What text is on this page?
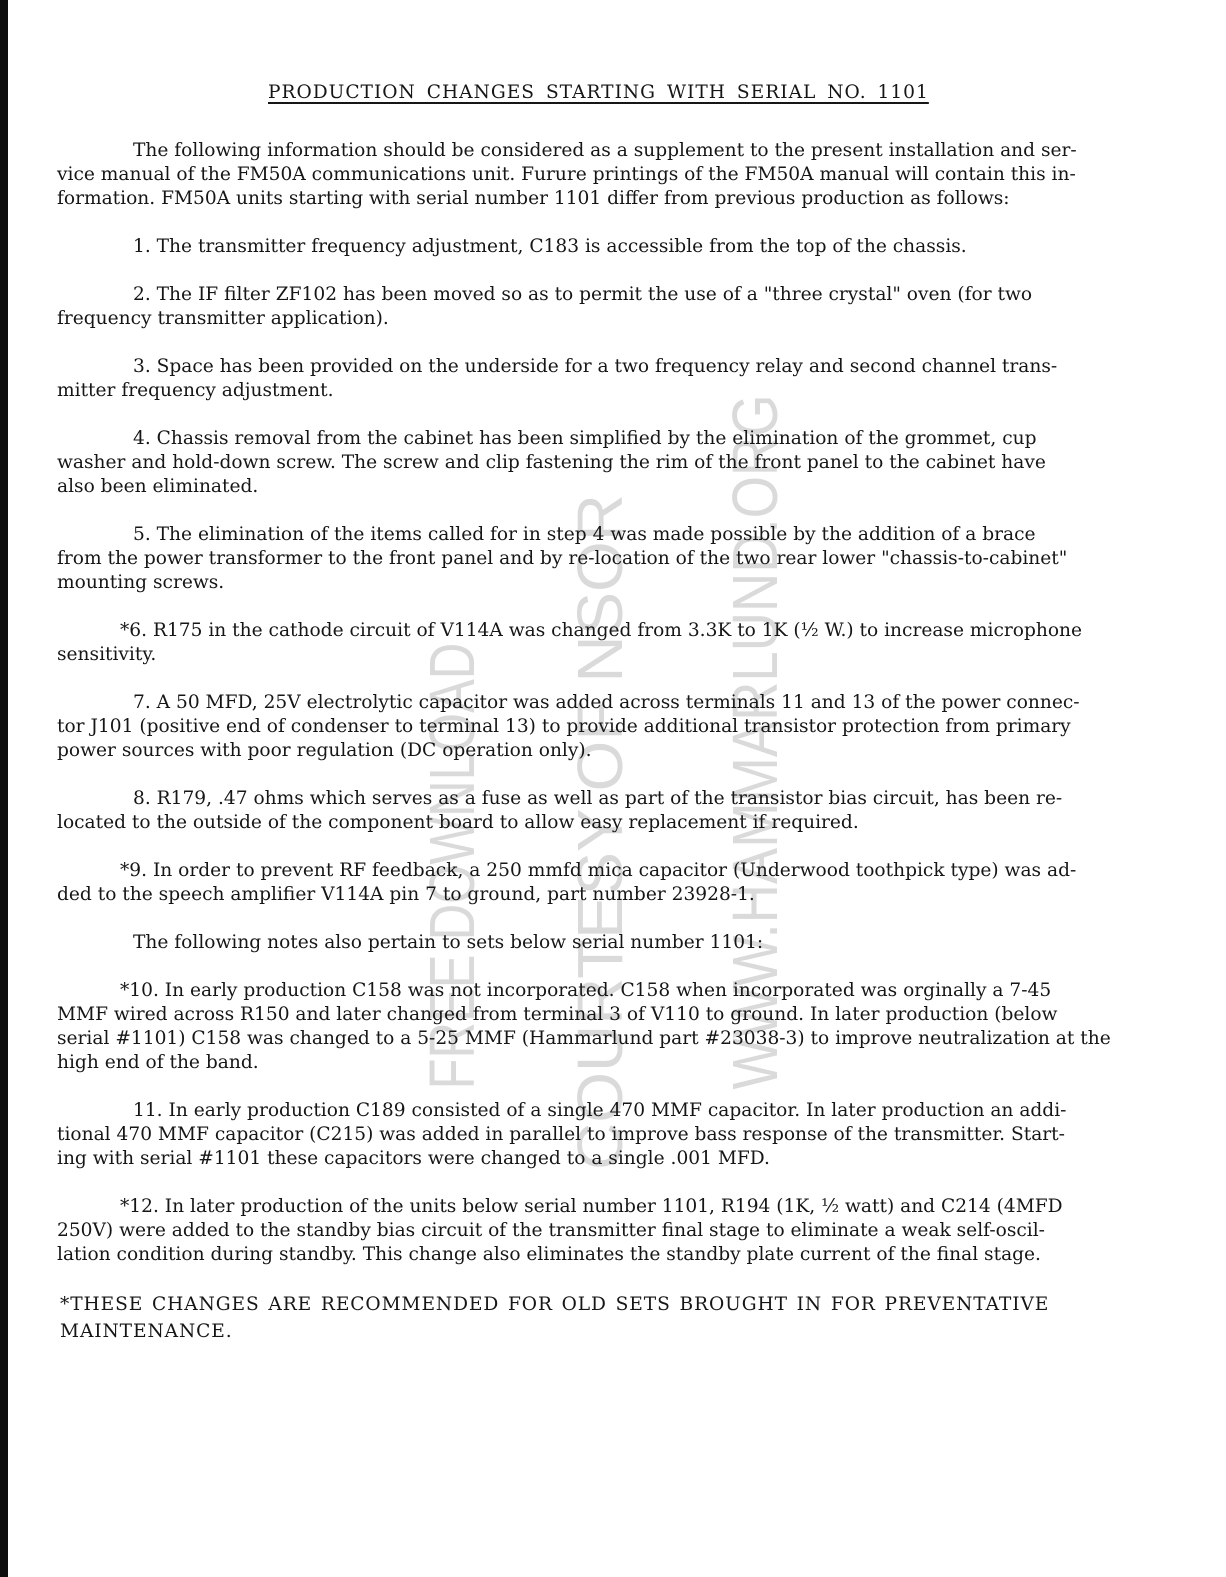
FREE DOWNLOAD COURTESY OF NSOR WWW.HAMMARLUND.ORG
PRODUCTION CHANGES STARTING WITH SERIAL NO. 1101
The following information should be considered as a supplement to the present installation and ser-
vice manual of the FM50A communications unit. Furure printings of the FM50A manual will contain this in-
formation. FM50A units starting with serial number 1101 differ from previous production as follows:
1. The transmitter frequency adjustment, C183 is accessible from the top of the chassis.
2. The IF filter ZF102 has been moved so as to permit the use of a "three crystal" oven (for two
frequency transmitter application).
3. Space has been provided on the underside for a two frequency relay and second channel trans-
mitter frequency adjustment.
4. Chassis removal from the cabinet has been simplified by the elimination of the grommet, cup
washer and hold-down screw. The screw and clip fastening the rim of the front panel to the cabinet have
also been eliminated.
5. The elimination of the items called for in step 4 was made possible by the addition of a brace
from the power transformer to the front panel and by re-location of the two rear lower "chassis-to-cabinet"
mounting screws.
*6. R175 in the cathode circuit of V114A was changed from 3.3K to 1K (½ W.) to increase microphone
sensitivity.
7. A 50 MFD, 25V electrolytic capacitor was added across terminals 11 and 13 of the power connec-
tor J101 (positive end of condenser to terminal 13) to provide additional transistor protection from primary
power sources with poor regulation (DC operation only).
8. R179, .47 ohms which serves as a fuse as well as part of the transistor bias circuit, has been re-
located to the outside of the component board to allow easy replacement if required.
*9. In order to prevent RF feedback, a 250 mmfd mica capacitor (Underwood toothpick type) was ad-
ded to the speech amplifier V114A pin 7 to ground, part number 23928-1.
The following notes also pertain to sets below serial number 1101:
*10. In early production C158 was not incorporated. C158 when incorporated was orginally a 7-45
MMF wired across R150 and later changed from terminal 3 of V110 to ground. In later production (below
serial #1101) C158 was changed to a 5-25 MMF (Hammarlund part #23038-3) to improve neutralization at the
high end of the band.
11. In early production C189 consisted of a single 470 MMF capacitor. In later production an addi-
tional 470 MMF capacitor (C215) was added in parallel to improve bass response of the transmitter. Start-
ing with serial #1101 these capacitors were changed to a single .001 MFD.
*12. In later production of the units below serial number 1101, R194 (1K, ½ watt) and C214 (4MFD
250V) were added to the standby bias circuit of the transmitter final stage to eliminate a weak self-oscil-
lation condition during standby. This change also eliminates the standby plate current of the final stage.
*THESE CHANGES ARE RECOMMENDED FOR OLD SETS BROUGHT IN FOR PREVENTATIVE
MAINTENANCE.
